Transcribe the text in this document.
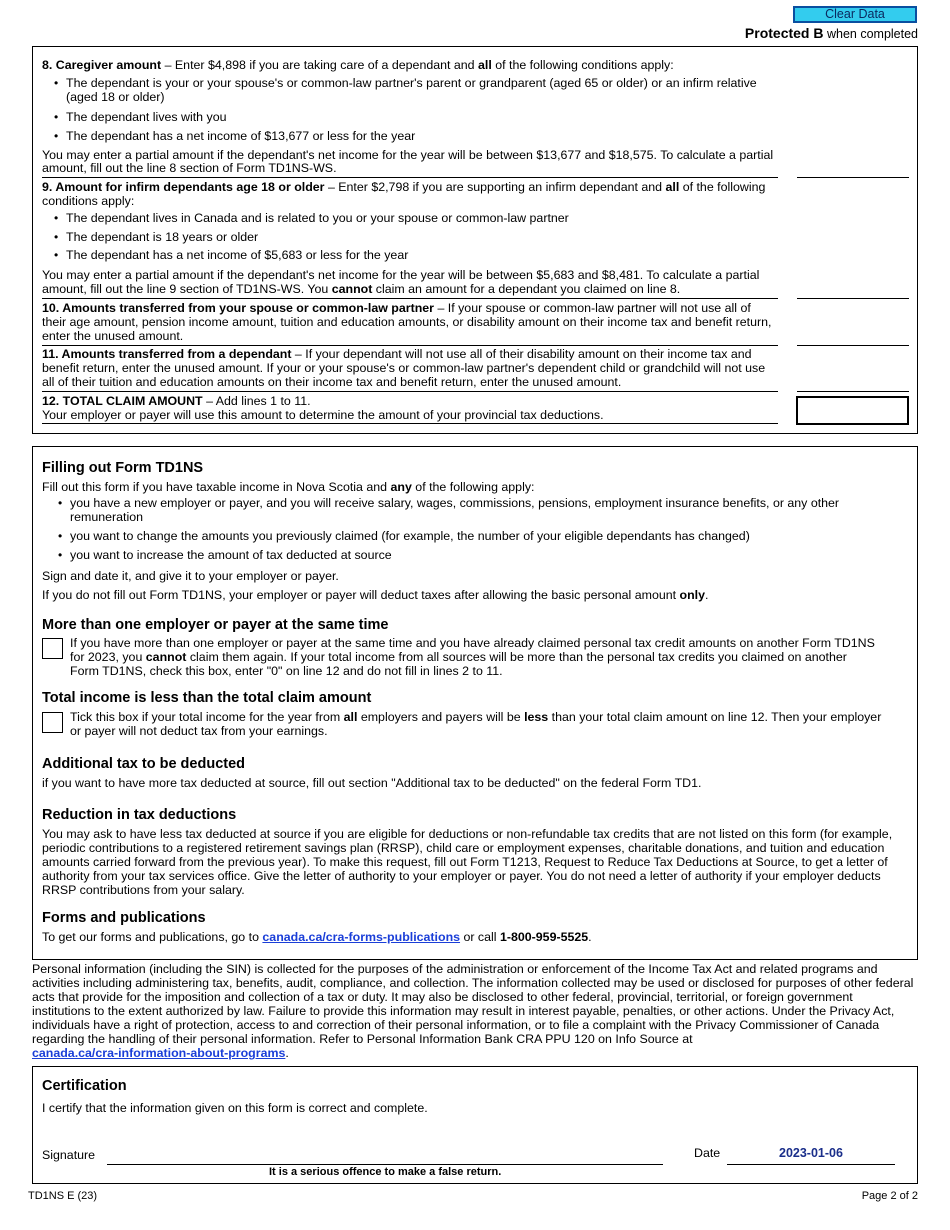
Clear Data
Protected B when completed
8. Caregiver amount – Enter $4,898 if you are taking care of a dependant and all of the following conditions apply:
• The dependant is your or your spouse's or common-law partner's parent or grandparent (aged 65 or older) or an infirm relative
(aged 18 or older)
• The dependant lives with you
• The dependant has a net income of $13,677 or less for the year
You may enter a partial amount if the dependant's net income for the year will be between $13,677 and $18,575. To calculate a partial
amount, fill out the line 8 section of Form TD1NS-WS.
9. Amount for infirm dependants age 18 or older – Enter $2,798 if you are supporting an infirm dependant and all of the following
conditions apply:
• The dependant lives in Canada and is related to you or your spouse or common-law partner
• The dependant is 18 years or older
• The dependant has a net income of $5,683 or less for the year
You may enter a partial amount if the dependant's net income for the year will be between $5,683 and $8,481. To calculate a partial
amount, fill out the line 9 section of TD1NS-WS. You cannot claim an amount for a dependant you claimed on line 8.
10. Amounts transferred from your spouse or common-law partner – If your spouse or common-law partner will not use all of
their age amount, pension income amount, tuition and education amounts, or disability amount on their income tax and benefit return,
enter the unused amount.
11. Amounts transferred from a dependant – If your dependant will not use all of their disability amount on their income tax and
benefit return, enter the unused amount. If your or your spouse's or common-law partner's dependent child or grandchild will not use
all of their tuition and education amounts on their income tax and benefit return, enter the unused amount.
12. TOTAL CLAIM AMOUNT – Add lines 1 to 11.
Your employer or payer will use this amount to determine the amount of your provincial tax deductions.
Filling out Form TD1NS
Fill out this form if you have taxable income in Nova Scotia and any of the following apply:
• you have a new employer or payer, and you will receive salary, wages, commissions, pensions, employment insurance benefits, or any other
remuneration
• you want to change the amounts you previously claimed (for example, the number of your eligible dependants has changed)
• you want to increase the amount of tax deducted at source
Sign and date it, and give it to your employer or payer.
If you do not fill out Form TD1NS, your employer or payer will deduct taxes after allowing the basic personal amount only.
More than one employer or payer at the same time
If you have more than one employer or payer at the same time and you have already claimed personal tax credit amounts on another Form TD1NS
for 2023, you cannot claim them again. If your total income from all sources will be more than the personal tax credits you claimed on another
Form TD1NS, check this box, enter "0" on line 12 and do not fill in lines 2 to 11.
Total income is less than the total claim amount
Tick this box if your total income for the year from all employers and payers will be less than your total claim amount on line 12. Then your employer
or payer will not deduct tax from your earnings.
Additional tax to be deducted
if you want to have more tax deducted at source, fill out section "Additional tax to be deducted" on the federal Form TD1.
Reduction in tax deductions
You may ask to have less tax deducted at source if you are eligible for deductions or non-refundable tax credits that are not listed on this form (for example,
periodic contributions to a registered retirement savings plan (RRSP), child care or employment expenses, charitable donations, and tuition and education
amounts carried forward from the previous year). To make this request, fill out Form T1213, Request to Reduce Tax Deductions at Source, to get a letter of
authority from your tax services office. Give the letter of authority to your employer or payer. You do not need a letter of authority if your employer deducts
RRSP contributions from your salary.
Forms and publications
To get our forms and publications, go to canada.ca/cra-forms-publications or call 1-800-959-5525.
Personal information (including the SIN) is collected for the purposes of the administration or enforcement of the Income Tax Act and related programs and
activities including administering tax, benefits, audit, compliance, and collection. The information collected may be used or disclosed for purposes of other federal
acts that provide for the imposition and collection of a tax or duty. It may also be disclosed to other federal, provincial, territorial, or foreign government
institutions to the extent authorized by law. Failure to provide this information may result in interest payable, penalties, or other actions. Under the Privacy Act,
individuals have a right of protection, access to and correction of their personal information, or to file a complaint with the Privacy Commissioner of Canada
regarding the handling of their personal information. Refer to Personal Information Bank CRA PPU 120 on Info Source at
canada.ca/cra-information-about-programs.
Certification
I certify that the information given on this form is correct and complete.
Signature
It is a serious offence to make a false return.
Date	2023-01-06
TD1NS E (23)	Page 2 of 2
